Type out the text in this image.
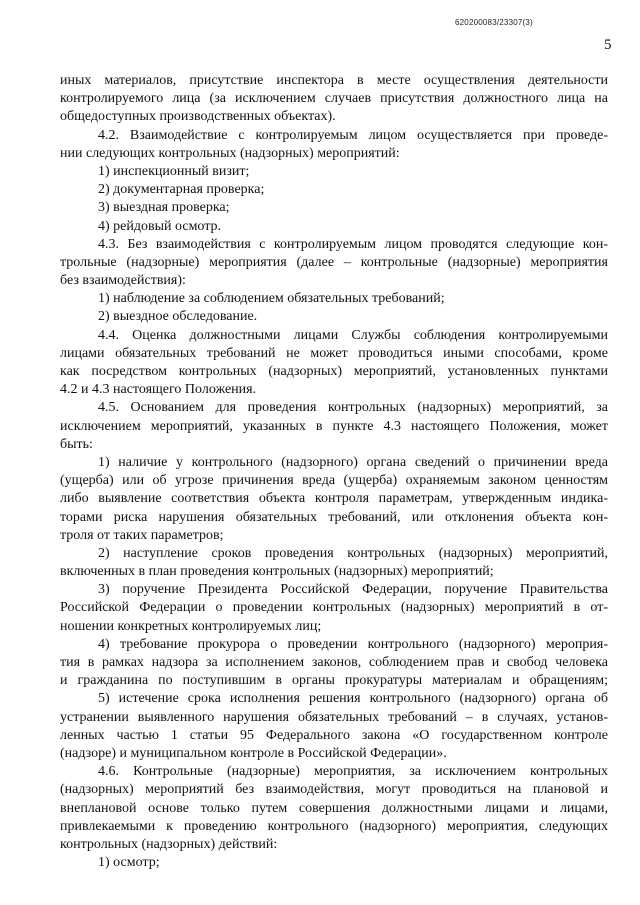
620200083/23307(3)
5
иных материалов, присутствие инспектора в месте осуществления деятельности
контролируемого лица (за исключением случаев присутствия должностного лица на
общедоступных производственных объектах).
4.2. Взаимодействие с контролируемым лицом осуществляется при проведе-
нии следующих контрольных (надзорных) мероприятий:
1) инспекционный визит;
2) документарная проверка;
3) выездная проверка;
4) рейдовый осмотр.
4.3. Без взаимодействия с контролируемым лицом проводятся следующие кон-
трольные (надзорные) мероприятия (далее – контрольные (надзорные) мероприятия
без взаимодействия):
1) наблюдение за соблюдением обязательных требований;
2) выездное обследование.
4.4. Оценка должностными лицами Службы соблюдения контролируемыми
лицами обязательных требований не может проводиться иными способами, кроме
как посредством контрольных (надзорных) мероприятий, установленных пунктами
4.2 и 4.3 настоящего Положения.
4.5. Основанием для проведения контрольных (надзорных) мероприятий, за
исключением мероприятий, указанных в пункте 4.3 настоящего Положения, может
быть:
1) наличие у контрольного (надзорного) органа сведений о причинении вреда
(ущерба) или об угрозе причинения вреда (ущерба) охраняемым законом ценностям
либо выявление соответствия объекта контроля параметрам, утвержденным индика-
торами риска нарушения обязательных требований, или отклонения объекта кон-
троля от таких параметров;
2) наступление сроков проведения контрольных (надзорных) мероприятий,
включенных в план проведения контрольных (надзорных) мероприятий;
3) поручение Президента Российской Федерации, поручение Правительства
Российской Федерации о проведении контрольных (надзорных) мероприятий в от-
ношении конкретных контролируемых лиц;
4) требование прокурора о проведении контрольного (надзорного) мероприя-
тия в рамках надзора за исполнением законов, соблюдением прав и свобод человека
и гражданина по поступившим в органы прокуратуры материалам и обращениям;
5) истечение срока исполнения решения контрольного (надзорного) органа об
устранении выявленного нарушения обязательных требований – в случаях, установ-
ленных частью 1 статьи 95 Федерального закона «О государственном контроле
(надзоре) и муниципальном контроле в Российской Федерации».
4.6. Контрольные (надзорные) мероприятия, за исключением контрольных
(надзорных) мероприятий без взаимодействия, могут проводиться на плановой и
внеплановой основе только путем совершения должностными лицами и лицами,
привлекаемыми к проведению контрольного (надзорного) мероприятия, следующих
контрольных (надзорных) действий:
1) осмотр;
